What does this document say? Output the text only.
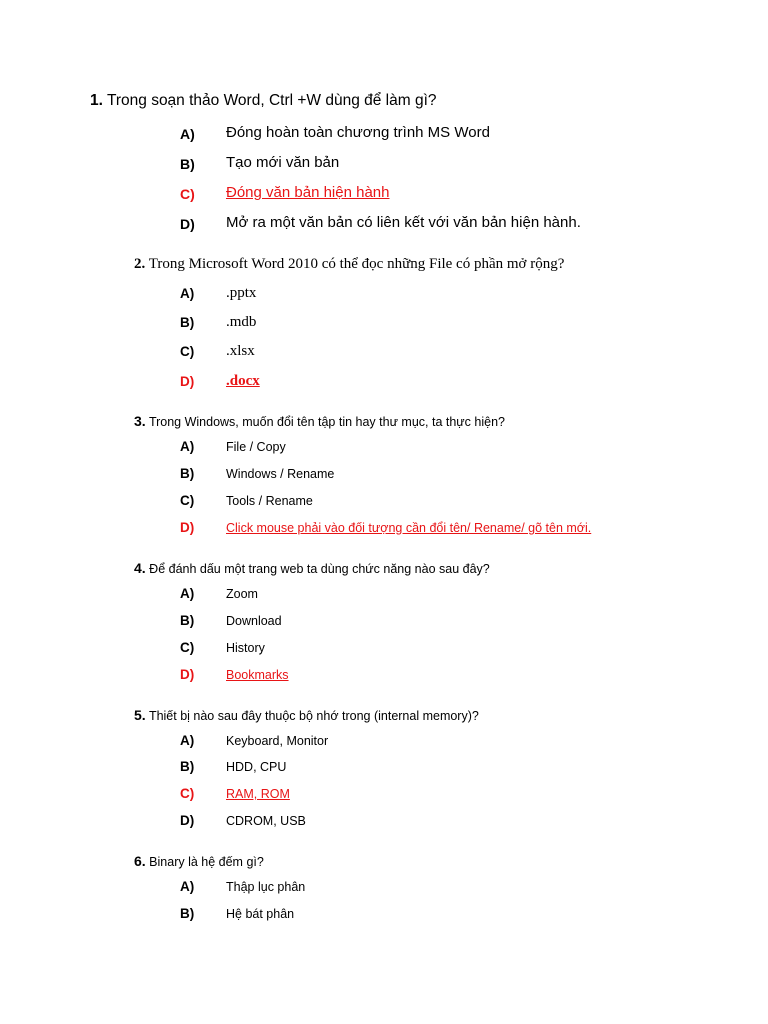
1. Trong soạn thảo Word, Ctrl +W dùng để làm gì?
A) Đóng hoàn toàn chương trình MS Word
B) Tạo mới văn bản
C) Đóng văn bản hiện hành
D) Mở ra một văn bản có liên kết với văn bản hiện hành.
2. Trong Microsoft Word 2010 có thể đọc những File có phần mở rộng?
A) .pptx
B) .mdb
C) .xlsx
D) .docx
3. Trong Windows, muốn đổi tên tập tin hay thư mục, ta thực hiện?
A)	File / Copy
B)	Windows / Rename
C)	Tools / Rename
D)	Click mouse phải vào đối tượng cần đổi tên/ Rename/ gõ tên mới.
4. Để đánh dấu một trang web ta dùng chức năng nào sau đây?
A)	Zoom
B)	Download
C)	History
D)	Bookmarks
5. Thiết bị nào sau đây thuộc bộ nhớ trong (internal memory)?
A)	Keyboard, Monitor
B)	HDD, CPU
C)	RAM, ROM
D)	CDROM, USB
6. Binary là hệ đếm gì?
A)	Thập lục phân
B)	Hệ bát phân
